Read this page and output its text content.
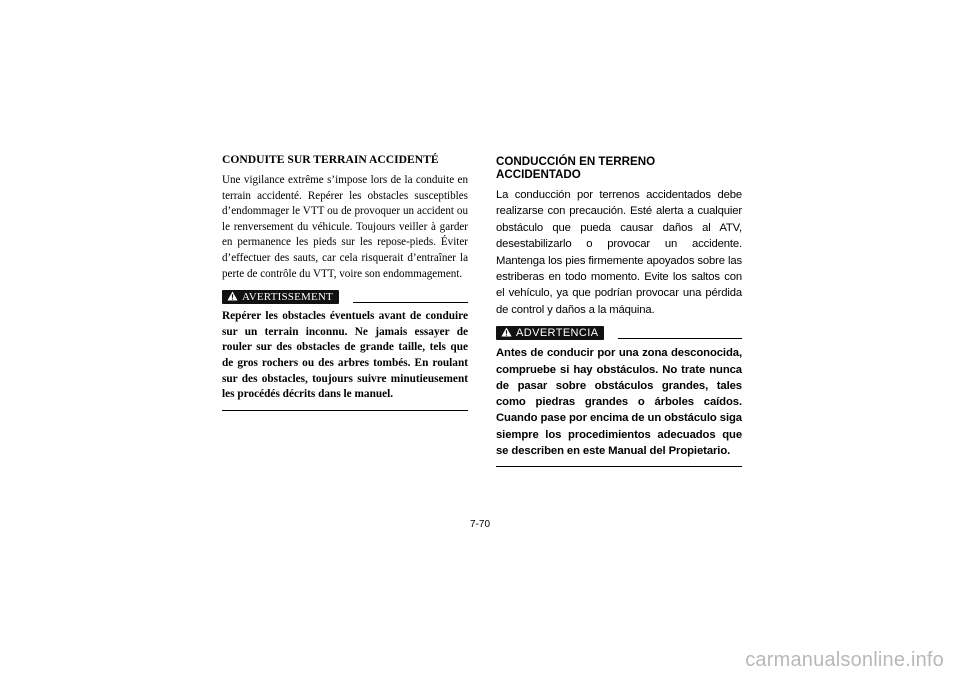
CONDUITE SUR TERRAIN ACCIDENTÉ

Une vigilance extrême s’impose lors de la conduite en terrain accidenté. Repérer les obstacles susceptibles d’endommager le VTT ou de provoquer un accident ou le renversement du véhicule. Toujours veiller à garder en permanence les pieds sur les repose-pieds. Éviter d’effectuer des sauts, car cela risquerait d’entraîner la perte de contrôle du VTT, voire son endommagement.

AVERTISSEMENT

Repérer les obstacles éventuels avant de conduire sur un terrain inconnu. Ne jamais essayer de rouler sur des obstacles de grande taille, tels que de gros rochers ou des arbres tombés. En roulant sur des obstacles, toujours suivre minutieusement les procédés décrits dans le manuel.

CONDUCCIÓN EN TERRENO ACCIDENTADO

La conducción por terrenos accidentados debe realizarse con precaución. Esté alerta a cualquier obstáculo que pueda causar daños al ATV, desestabilizarlo o provocar un accidente. Mantenga los pies firmemente apoyados sobre las estriberas en todo momento. Evite los saltos con el vehículo, ya que podrían provocar una pérdida de control y daños a la máquina.

ADVERTENCIA

Antes de conducir por una zona desconocida, compruebe si hay obstáculos. No trate nunca de pasar sobre obstáculos grandes, tales como piedras grandes o árboles caídos. Cuando pase por encima de un obstáculo siga siempre los procedimientos adecuados que se describen en este Manual del Propietario.

7-70
carmanualsonline.info
